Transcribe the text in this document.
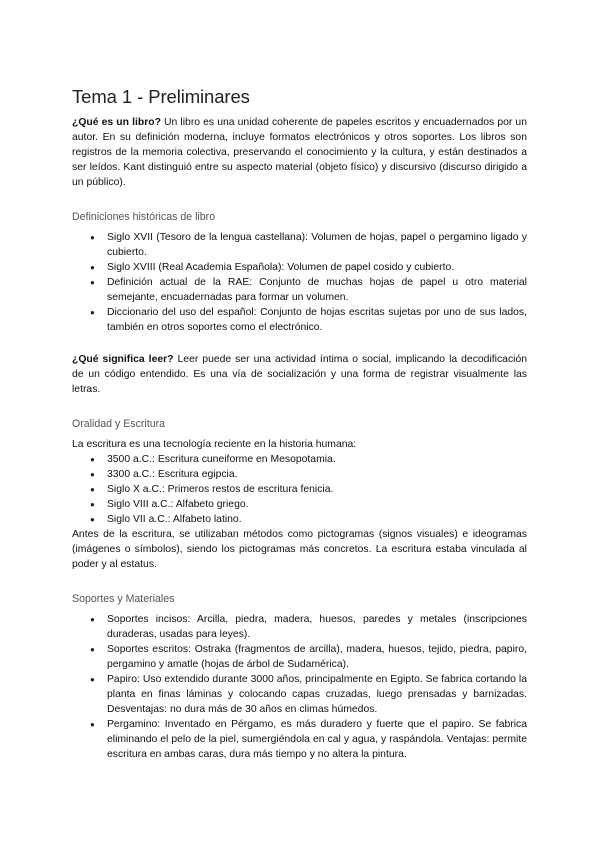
Tema 1 - Preliminares

¿Qué es un libro? Un libro es una unidad coherente de papeles escritos y encuadernados por un autor. En su definición moderna, incluye formatos electrónicos y otros soportes. Los libros son registros de la memoria colectiva, preservando el conocimiento y la cultura, y están destinados a ser leídos. Kant distinguió entre su aspecto material (objeto físico) y discursivo (discurso dirigido a un público).

Definiciones históricas de libro
● Siglo XVII (Tesoro de la lengua castellana): Volumen de hojas, papel o pergamino ligado y cubierto.
● Siglo XVIII (Real Academia Española): Volumen de papel cosido y cubierto.
● Definición actual de la RAE: Conjunto de muchas hojas de papel u otro material semejante, encuadernadas para formar un volumen.
● Diccionario del uso del español: Conjunto de hojas escritas sujetas por uno de sus lados, también en otros soportes como el electrónico.

¿Qué significa leer? Leer puede ser una actividad íntima o social, implicando la decodificación de un código entendido. Es una vía de socialización y una forma de registrar visualmente las letras.

Oralidad y Escritura

La escritura es una tecnología reciente en la historia humana:

● 3500 a.C.: Escritura cuneiforme en Mesopotamia.
● 3300 a.C.: Escritura egipcia.
● Siglo X a.C.: Primeros restos de escritura fenicia.
● Siglo VIII a.C.: Alfabeto griego.
● Siglo VII a.C.: Alfabeto latino.

Antes de la escritura, se utilizaban métodos como pictogramas (signos visuales) e ideogramas (imágenes o símbolos), siendo los pictogramas más concretos. La escritura estaba vinculada al poder y al estatus.

Soportes y Materiales
● Soportes incisos: Arcilla, piedra, madera, huesos, paredes y metales (inscripciones duraderas, usadas para leyes).
● Soportes escritos: Ostraka (fragmentos de arcilla), madera, huesos, tejido, piedra, papiro, pergamino y amatle (hojas de árbol de Sudamérica).
● Papiro: Uso extendido durante 3000 años, principalmente en Egipto. Se fabrica cortando la planta en finas láminas y colocando capas cruzadas, luego prensadas y barnizadas. Desventajas: no dura más de 30 años en climas húmedos.
● Pergamino: Inventado en Pérgamo, es más duradero y fuerte que el papiro. Se fabrica eliminando el pelo de la piel, sumergiéndola en cal y agua, y raspándola. Ventajas: permite escritura en ambas caras, dura más tiempo y no altera la pintura.
